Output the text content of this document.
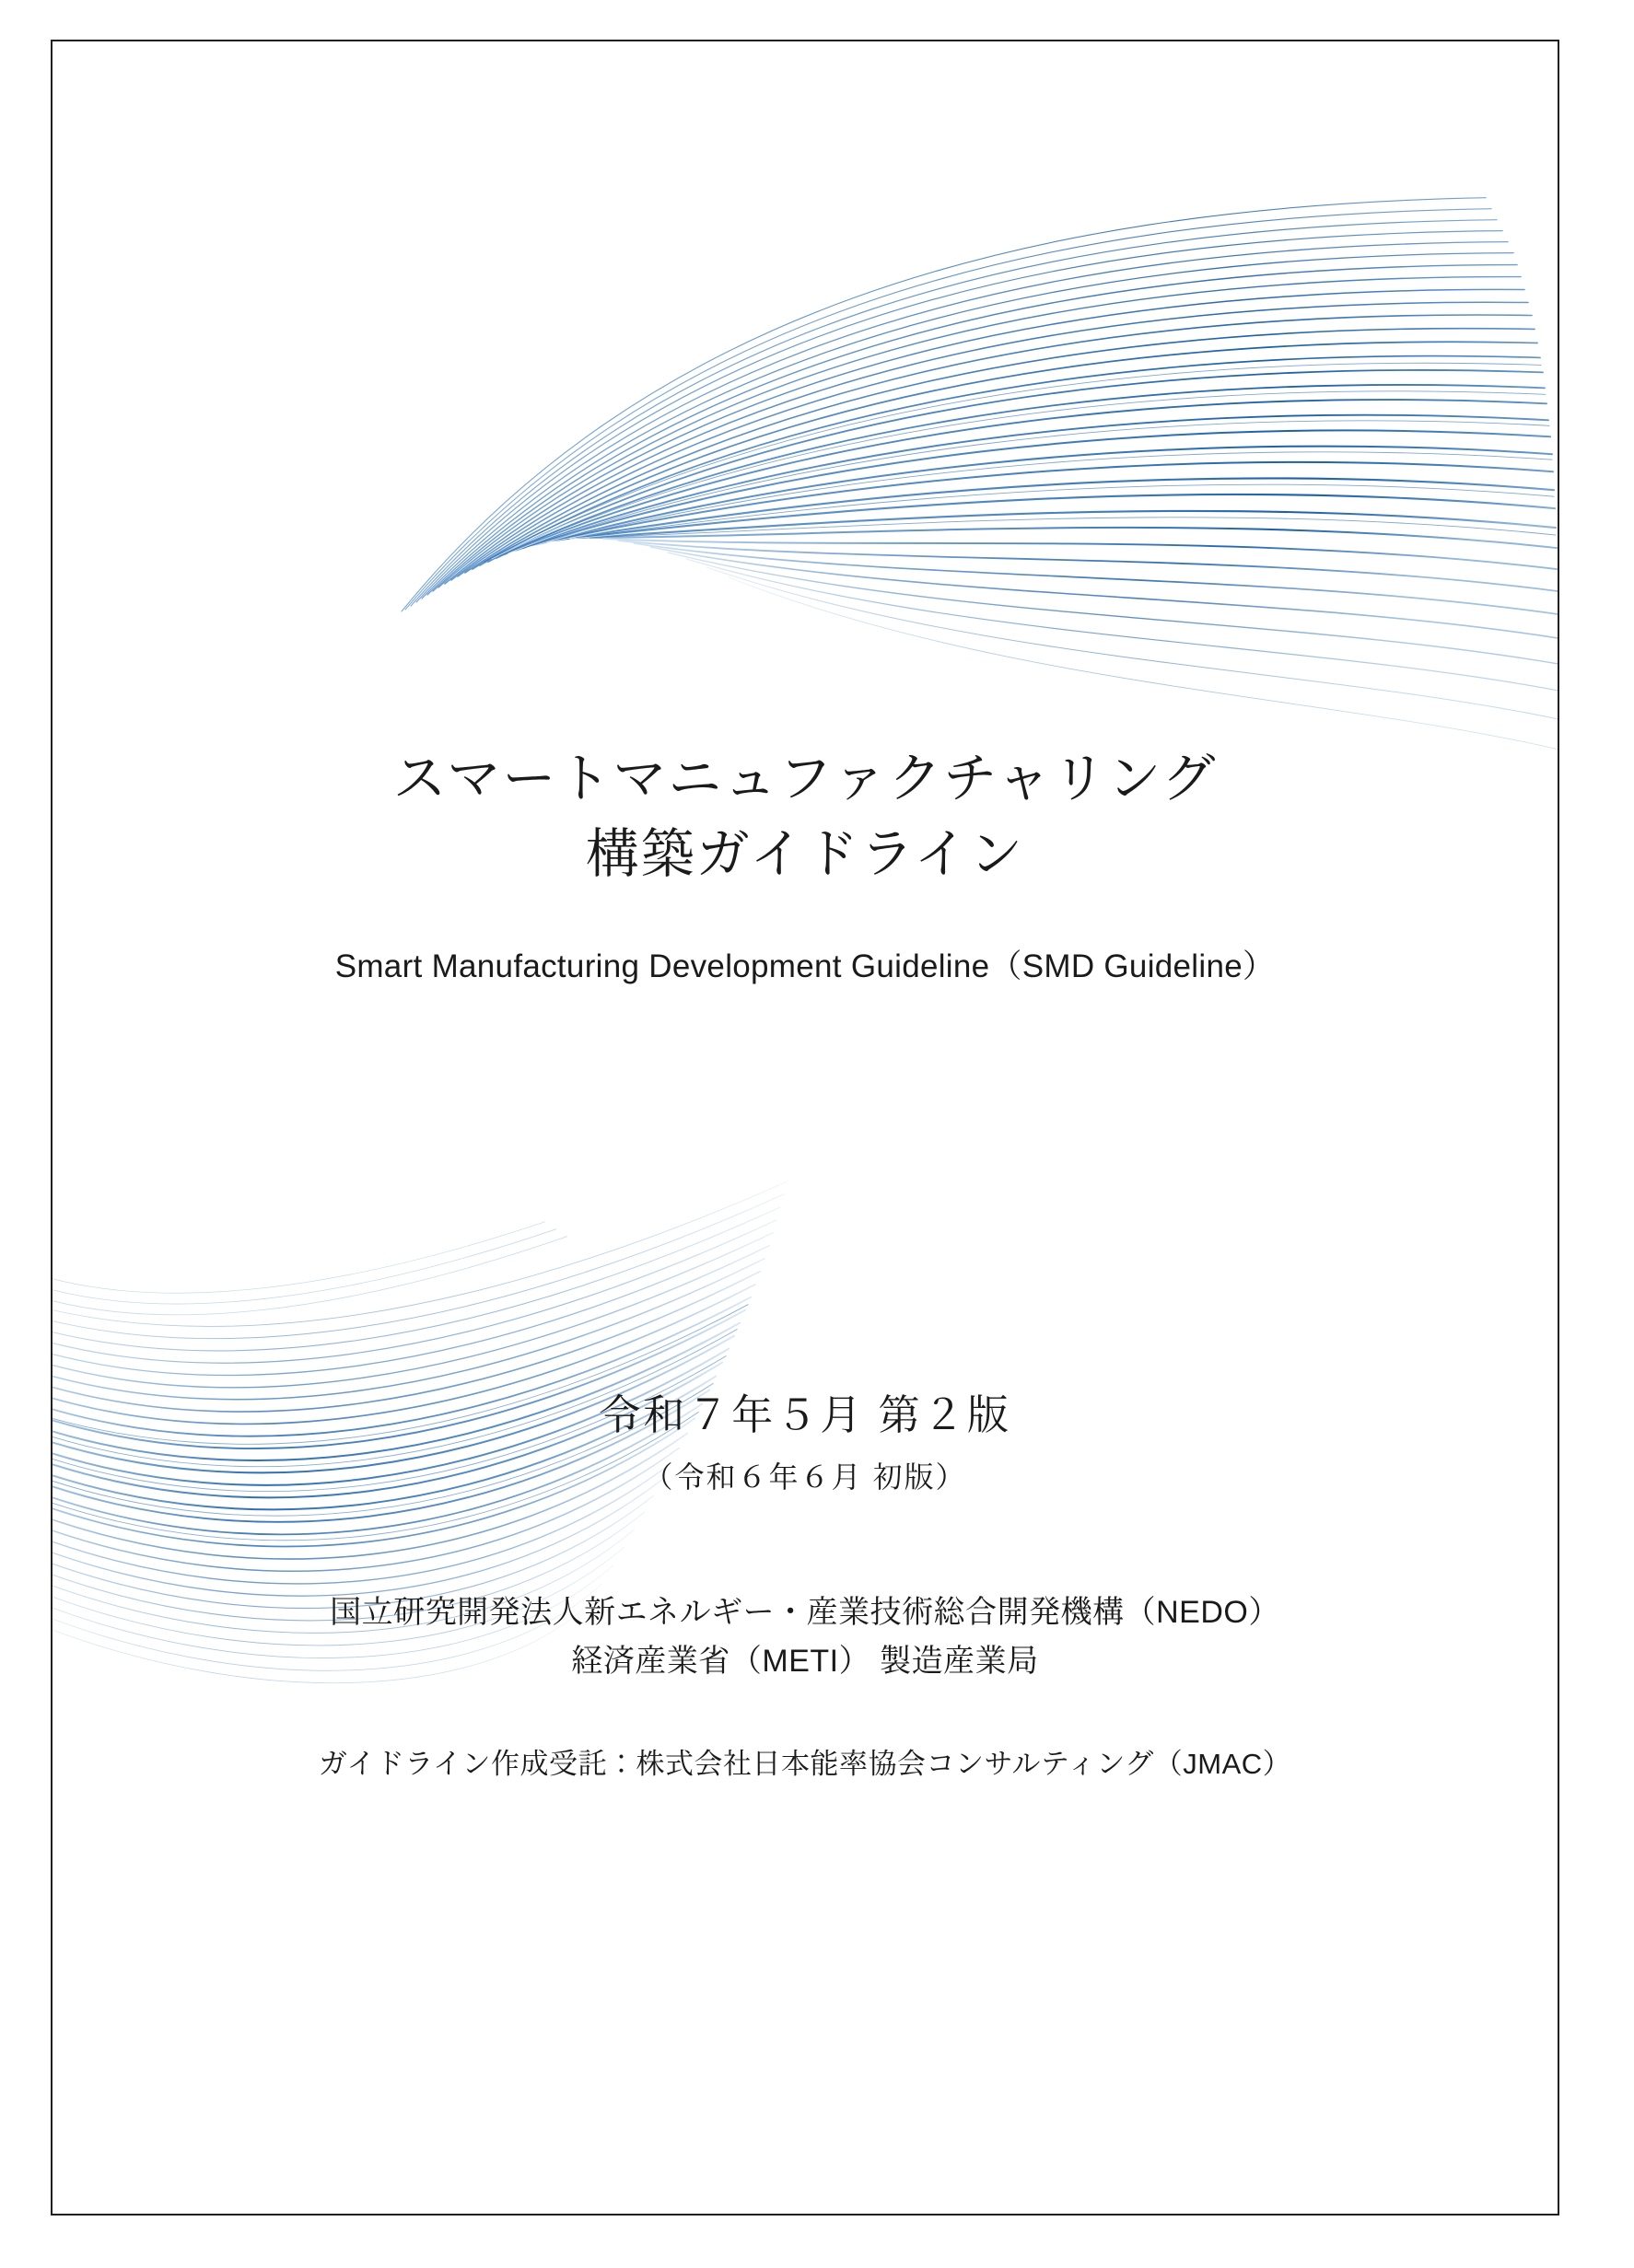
スマートマニュファクチャリング
構築ガイドライン
Smart Manufacturing Development Guideline（SMD Guideline）
令和７年５月 第２版
（令和６年６月 初版）
国立研究開発法人新エネルギー・産業技術総合開発機構（NEDO）
経済産業省（METI） 製造産業局
ガイドライン作成受託：株式会社日本能率協会コンサルティング（JMAC）
